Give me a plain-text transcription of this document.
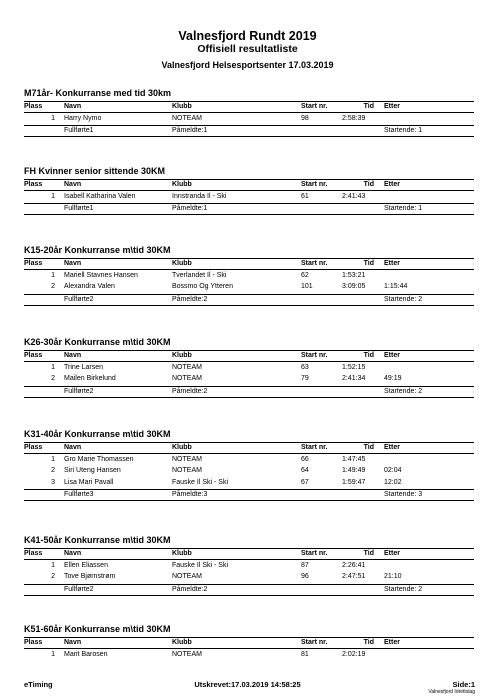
Valnesfjord Rundt 2019
Offisiell resultatliste
Valnesfjord Helsesportsenter 17.03.2019
M71år- Konkurranse med tid 30km
Plass	Navn	Klubb	Start nr.	Tid Etter
1 Harry Nymo	NOTEAM	98	2:58:39
Fullførte1	Påmeldte:1	Startende: 1
FH Kvinner senior sittende 30KM
Plass	Navn	Klubb	Start nr.	Tid Etter
1 Isabell Katharina Valen	Innstranda Il - Ski	61	2:41:43
Fullførte1	Påmeldte:1	Startende: 1
K15-20år Konkurranse m\tid 30KM
Plass	Navn	Klubb	Start nr.	Tid Etter
1 Mariell Stavnes Hansen	Tverlandet Il - Ski	62	1:53:21
2 Alexandra Valen	Bossmo Og Ytteren	101	3:09:05	1:15:44
Fullførte2	Påmeldte:2	Startende: 2
K26-30år Konkurranse m\tid 30KM
Plass	Navn	Klubb	Start nr.	Tid Etter
1 Trine Larsen	NOTEAM	63	1:52:15
2 Mailen Birkelund	NOTEAM	79	2:41:34	49:19
Fullførte2	Påmeldte:2	Startende: 2
K31-40år Konkurranse m\tid 30KM
Plass	Navn	Klubb	Start nr.	Tid Etter
1 Gro Marie Thomassen	NOTEAM	66	1:47:45
2 Siri Uteng Hansen	NOTEAM	64	1:49:49	02:04
3 Lisa Mari Pavall	Fauske Il Ski - Ski	67	1:59:47	12:02
Fullførte3	Påmeldte:3	Startende: 3
K41-50år Konkurranse m\tid 30KM
Plass	Navn	Klubb	Start nr.	Tid Etter
1 Ellen Eliassen	Fauske Il Ski - Ski	87	2:26:41
2 Tove Bjørnstrøm	NOTEAM	96	2:47:51	21:10
Fullførte2	Påmeldte:2	Startende: 2
K51-60år Konkurranse m\tid 30KM
Plass	Navn	Klubb	Start nr.	Tid Etter
1 Marit Barosen	NOTEAM	81	2:02:19
eTiming	Utskrevet:17.03.2019 14:58:25	Side:1
Valnesfjord Idrettslag
